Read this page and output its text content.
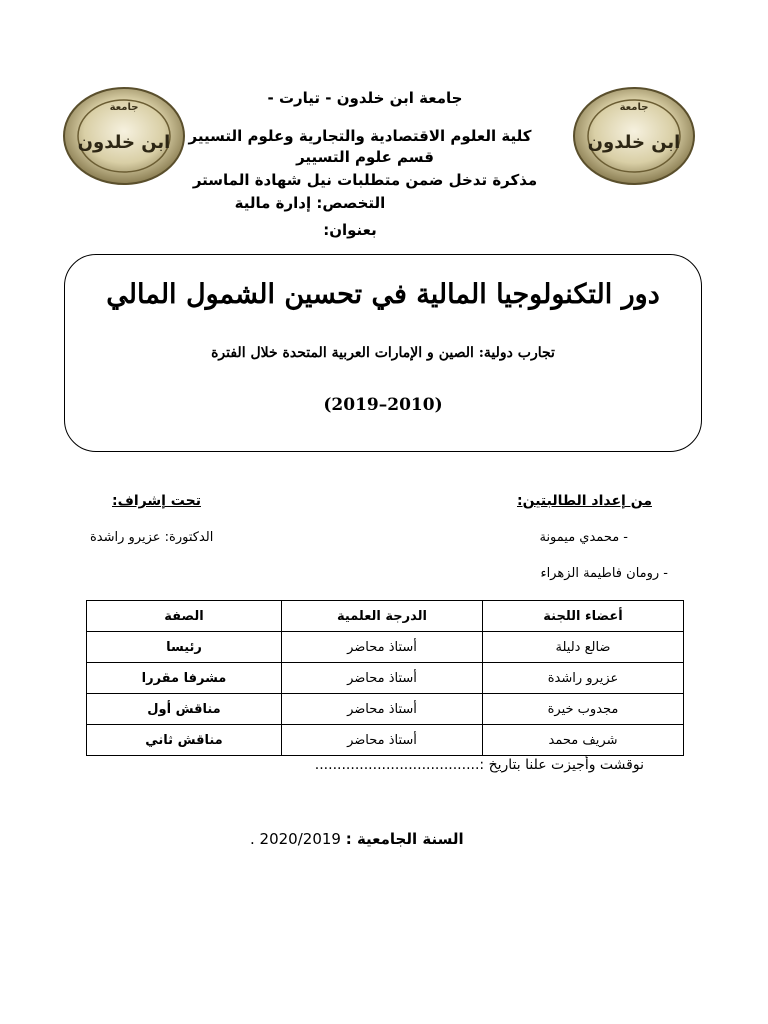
جامعة
ابن خلدون
جامعة
ابن خلدون
جامعة ابن خلدون - تيارت -
كلية العلوم الاقتصادية والتجارية وعلوم التسيير
قسم علوم التسيير
مذكرة تدخل ضمن متطلبات نيل شهادة الماستر
التخصص: إدارة مالية
بعنوان:
دور التكنولوجيا المالية في تحسين الشمول المالي
تجارب دولية: الصين و الإمارات العربية المتحدة خلال الفترة
(2010–2019)
من إعداد الطالبتين:
- محمدي ميمونة
- رومان فاطيمة الزهراء
تحت إشراف:
الدكتورة: عزيرو راشدة
أعضاء اللجنة	الدرجة العلمية	الصفة
ضالع دليلة	أستاذ محاضر	رئيسا
عزيرو راشدة	أستاذ محاضر	مشرفا مقررا
مجدوب خيرة	أستاذ محاضر	مناقش أول
شريف محمد	أستاذ محاضر	مناقش ثاني
نوقشت وأجيزت علنا بتاريخ :.....................................
السنة الجامعية : 2020/2019 .
